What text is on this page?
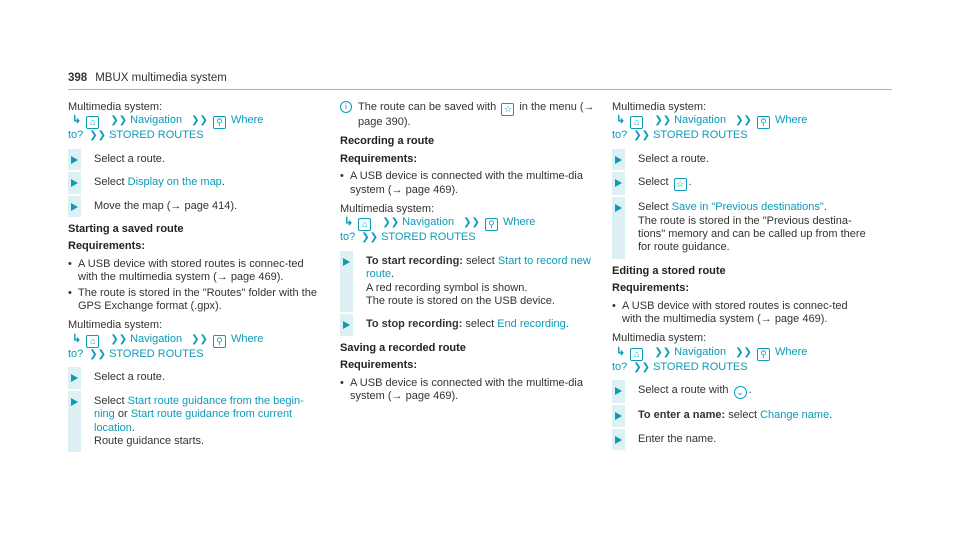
398 MBUX multimedia system
Multimedia system:
↳ ⌂ ❯❯ Navigation ❯❯ ⚲ Where
to? ❯❯ STORED ROUTES
Select a route.
Select Display on the map.
Move the map (→ page 414).
Starting a saved route
Requirements:
• A USB device with stored routes is connec-ted with the multimedia system (→ page 469).
• The route is stored in the "Routes" folder with the GPS Exchange format (.gpx).
Multimedia system:
↳ ⌂ ❯❯ Navigation ❯❯ ⚲ Where
to? ❯❯ STORED ROUTES
Select a route.
Select Start route guidance from the begin-ning or Start route guidance from current location.
Route guidance starts.
i	The route can be saved with ☆ in the menu (→ page 390).
Recording a route
Requirements:
• A USB device is connected with the multime-dia system (→ page 469).
Multimedia system:
↳ ⌂ ❯❯ Navigation ❯❯ ⚲ Where
to? ❯❯ STORED ROUTES
To start recording: select Start to record new route.
A red recording symbol is shown.
The route is stored on the USB device.
To stop recording: select End recording.
Saving a recorded route
Requirements:
• A USB device is connected with the multime-dia system (→ page 469).
Multimedia system:
↳ ⌂ ❯❯ Navigation ❯❯ ⚲ Where
to? ❯❯ STORED ROUTES
Select a route.
Select ☆ .
Select Save in "Previous destinations".
The route is stored in the "Previous destina-tions" memory and can be called up from there for route guidance.
Editing a stored route
Requirements:
• A USB device with stored routes is connec-ted with the multimedia system (→ page 469).
Multimedia system:
↳ ⌂ ❯❯ Navigation ❯❯ ⚲ Where
to? ❯❯ STORED ROUTES
Select a route with ⌄ .
To enter a name: select Change name.
Enter the name.
